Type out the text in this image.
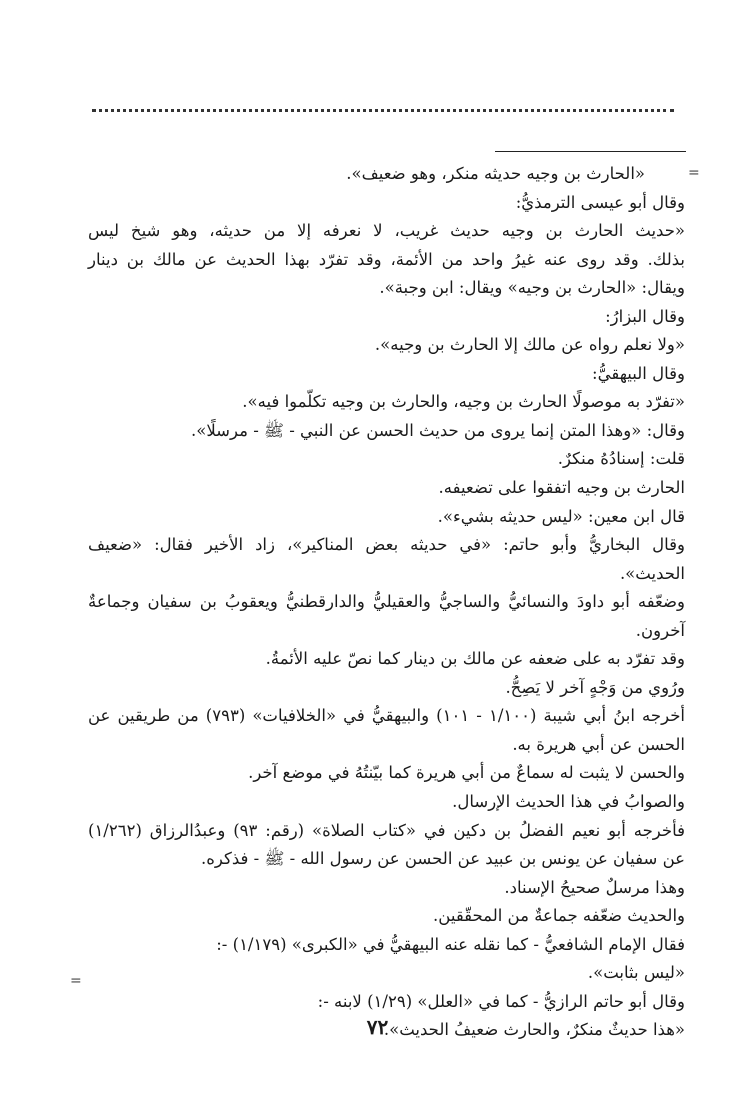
=
=
«الحارث بن وجيه حديثه منكر، وهو ضعيف».
وقال أبو عيسى الترمذيُّ:
«حديث الحارث بن وجيه حديث غريب، لا نعرفه إلا من حديثه، وهو شيخ ليس
بذلك. وقد روى عنه غيرُ واحد من الأئمة، وقد تفرّد بهذا الحديث عن مالك بن دينار
ويقال: «الحارث بن وجيه» ويقال: ابن وجبة».
وقال البزارُ:
«ولا نعلم رواه عن مالك إلا الحارث بن وجيه».
وقال البيهقيُّ:
«تفرّد به موصولًا الحارث بن وجيه، والحارث بن وجيه تكلّموا فيه».
وقال: «وهذا المتن إنما يروى من حديث الحسن عن النبي - ﷺ - مرسلًا».
قلت: إسنادُهُ منكرٌ.
الحارث بن وجيه اتفقوا على تضعيفه.
قال ابن معين: «ليس حديثه بشيء».
وقال البخاريُّ وأبو حاتم: «في حديثه بعض المناكير»، زاد الأخير فقال: «ضعيف
الحديث».
وضعّفه أبو داودَ والنسائيُّ والساجيُّ والعقيليُّ والدارقطنيُّ ويعقوبُ بن سفيان وجماعةٌ
آخرون.
وقد تفرّد به على ضعفه عن مالك بن دينار كما نصّ عليه الأئمةُ.
ورُوي من وَجْهٍ آخر لا يَصِحُّ.
أخرجه ابنُ أبي شيبة (١/١٠٠ - ١٠١) والبيهقيُّ في «الخلافيات» (٧٩٣) من طريقين عن
الحسن عن أبي هريرة به.
والحسن لا يثبت له سماعٌ من أبي هريرة كما بيّنتُهُ في موضع آخر.
والصوابُ في هذا الحديث الإرسال.
فأخرجه أبو نعيم الفضلُ بن دكين في «كتاب الصلاة» (رقم: ٩٣) وعبدُالرزاق (١/٢٦٢)
عن سفيان عن يونس بن عبيد عن الحسن عن رسول الله - ﷺ - فذكره.
وهذا مرسلٌ صحيحُ الإسناد.
والحديث ضعّفه جماعةٌ من المحقّقين.
فقال الإمام الشافعيُّ - كما نقله عنه البيهقيُّ في «الكبرى» (١/١٧٩) -:
«ليس بثابت».
وقال أبو حاتم الرازيُّ - كما في «العلل» (١/٢٩) لابنه -:
«هذا حديثٌ منكرٌ، والحارث ضعيفُ الحديث».
٧٢
